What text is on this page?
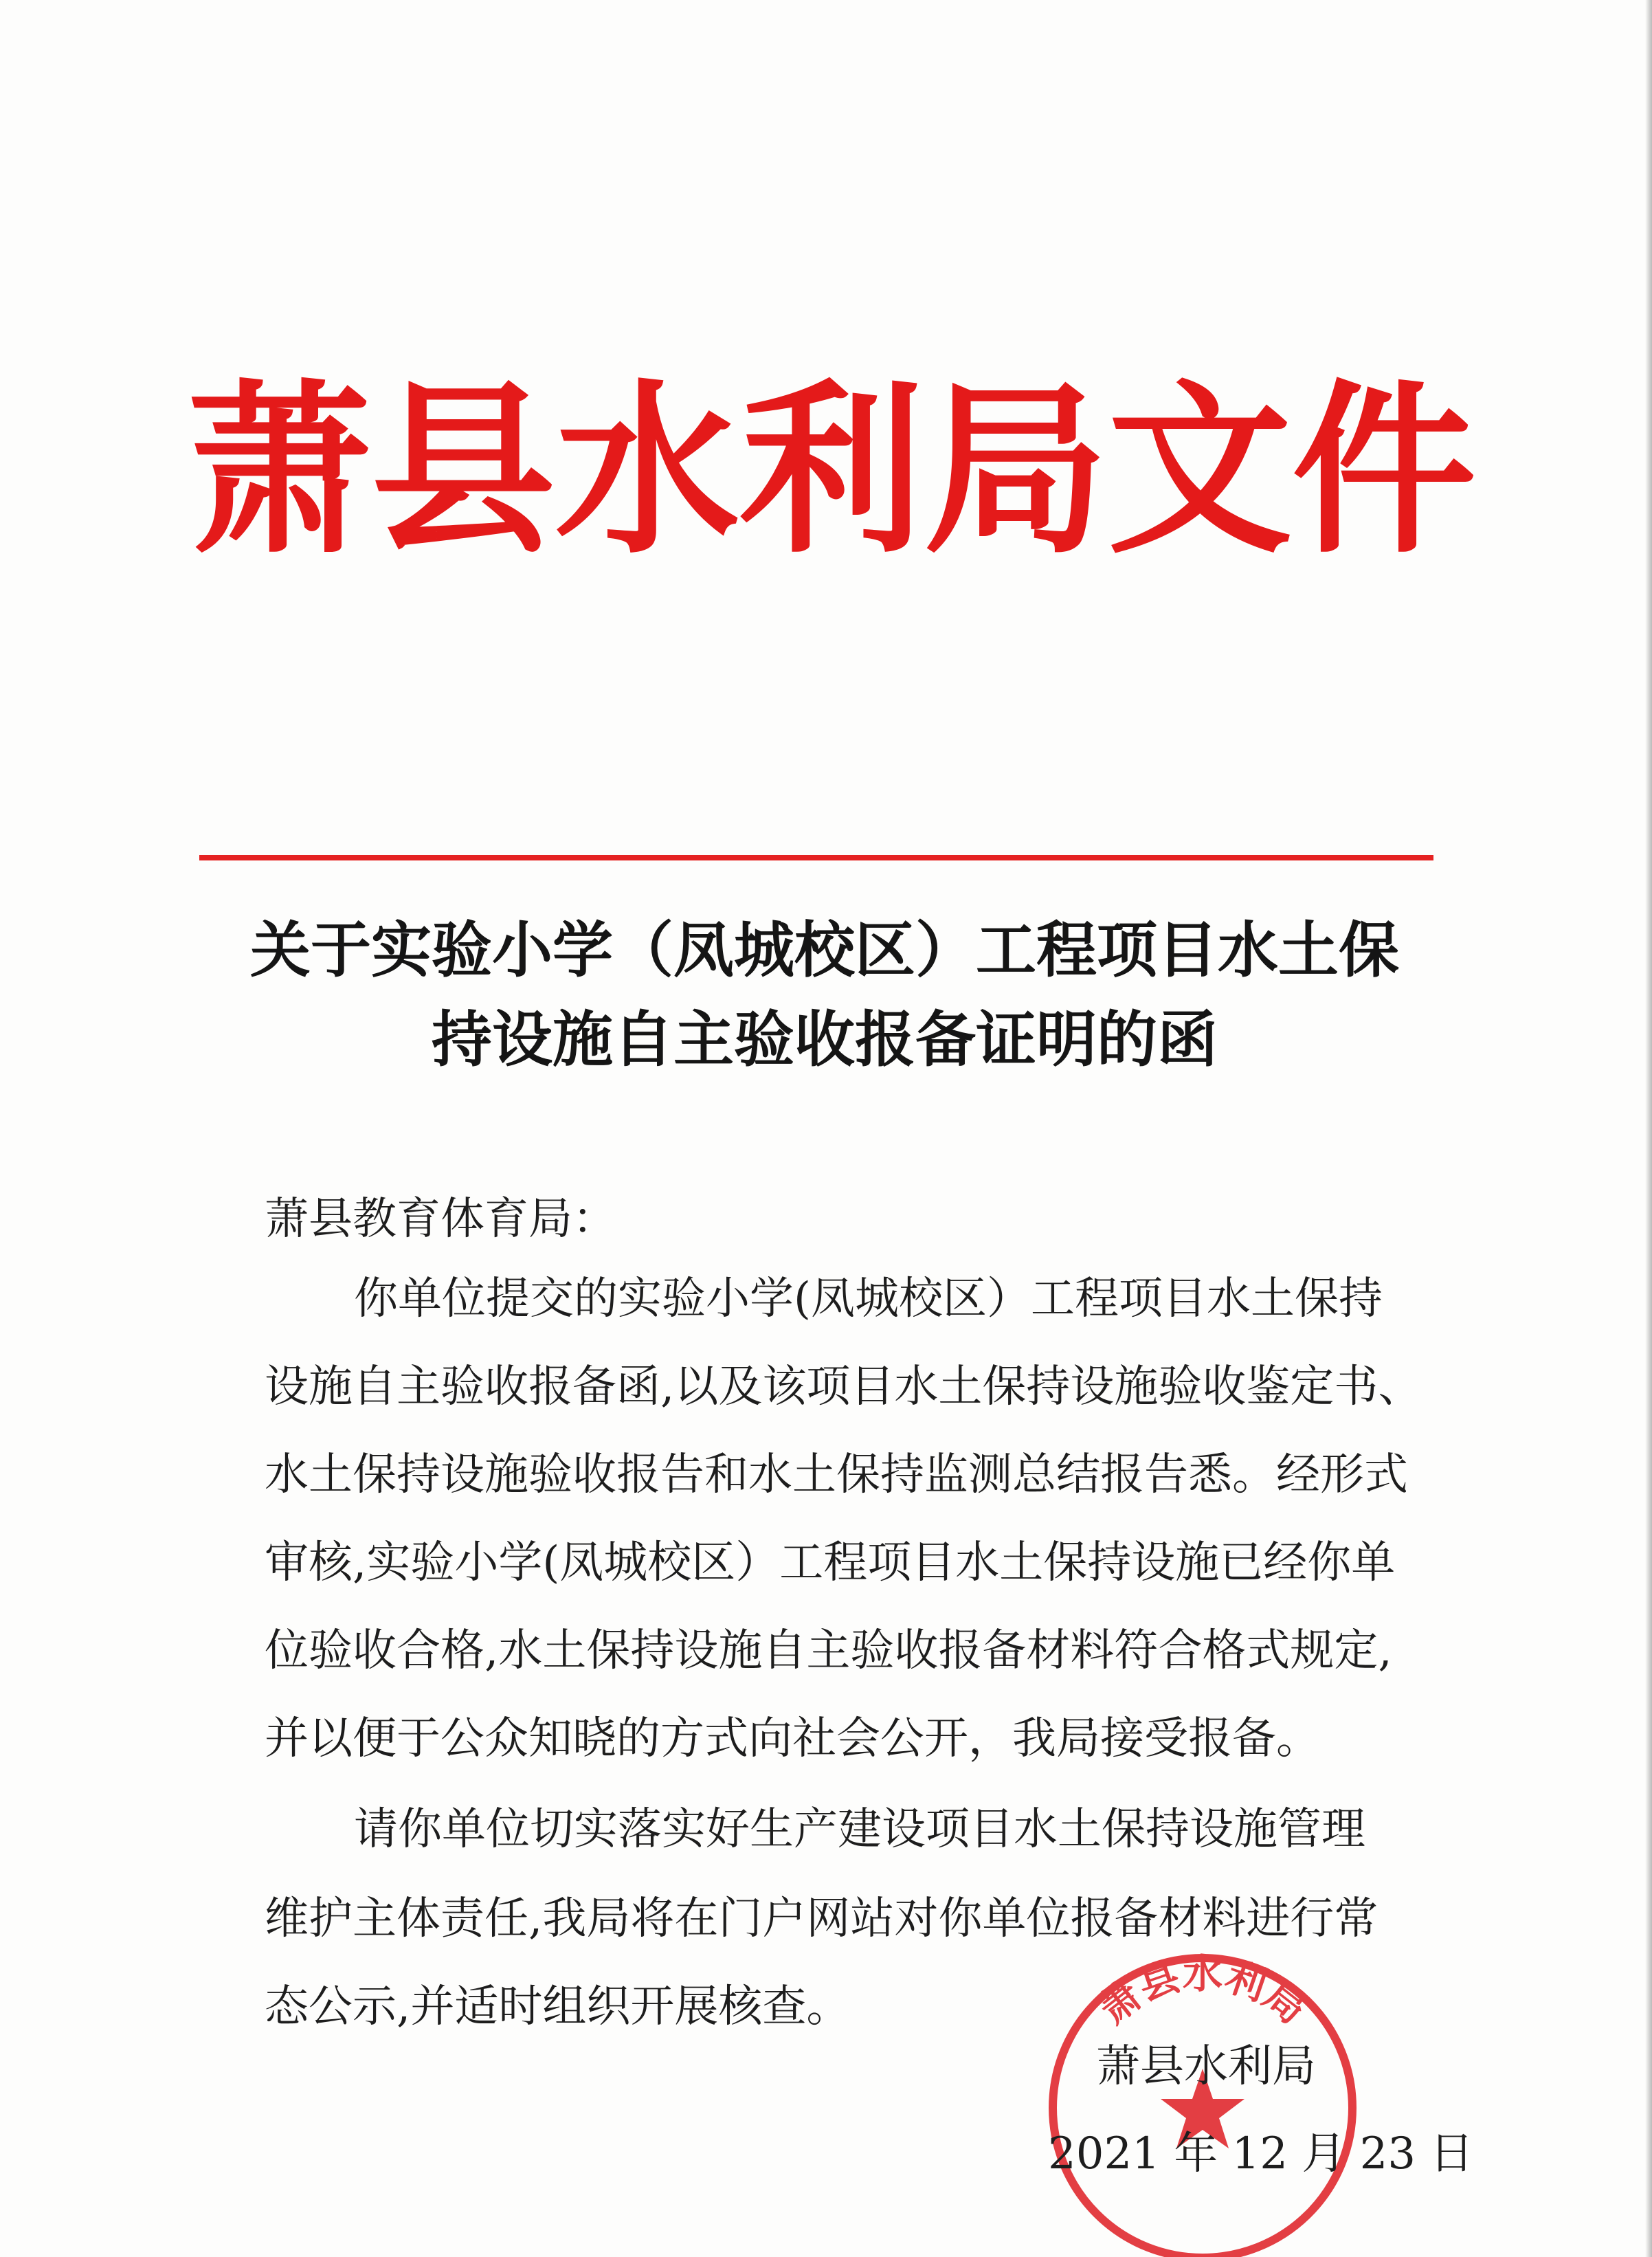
萧县水利局文件
关于实验小学（凤城校区）工程项目水土保
持设施自主验收报备证明的函

萧县教育体育局：

你单位提交的实验小学(凤城校区）工程项目水土保持

设施自主验收报备函,以及该项目水土保持设施验收鉴定书、

水土保持设施验收报告和水土保持监测总结报告悉。经形式

审核,实验小学(凤城校区）工程项目水土保持设施已经你单

位验收合格,水土保持设施自主验收报备材料符合格式规定,

并以便于公众知晓的方式向社会公开，我局接受报备。

请你单位切实落实好生产建设项目水土保持设施管理

维护主体责任,我局将在门户网站对你单位报备材料进行常

态公示,并适时组织开展核查。	萧县水利局

萧县水利局

2021 年 12 月 23 日
